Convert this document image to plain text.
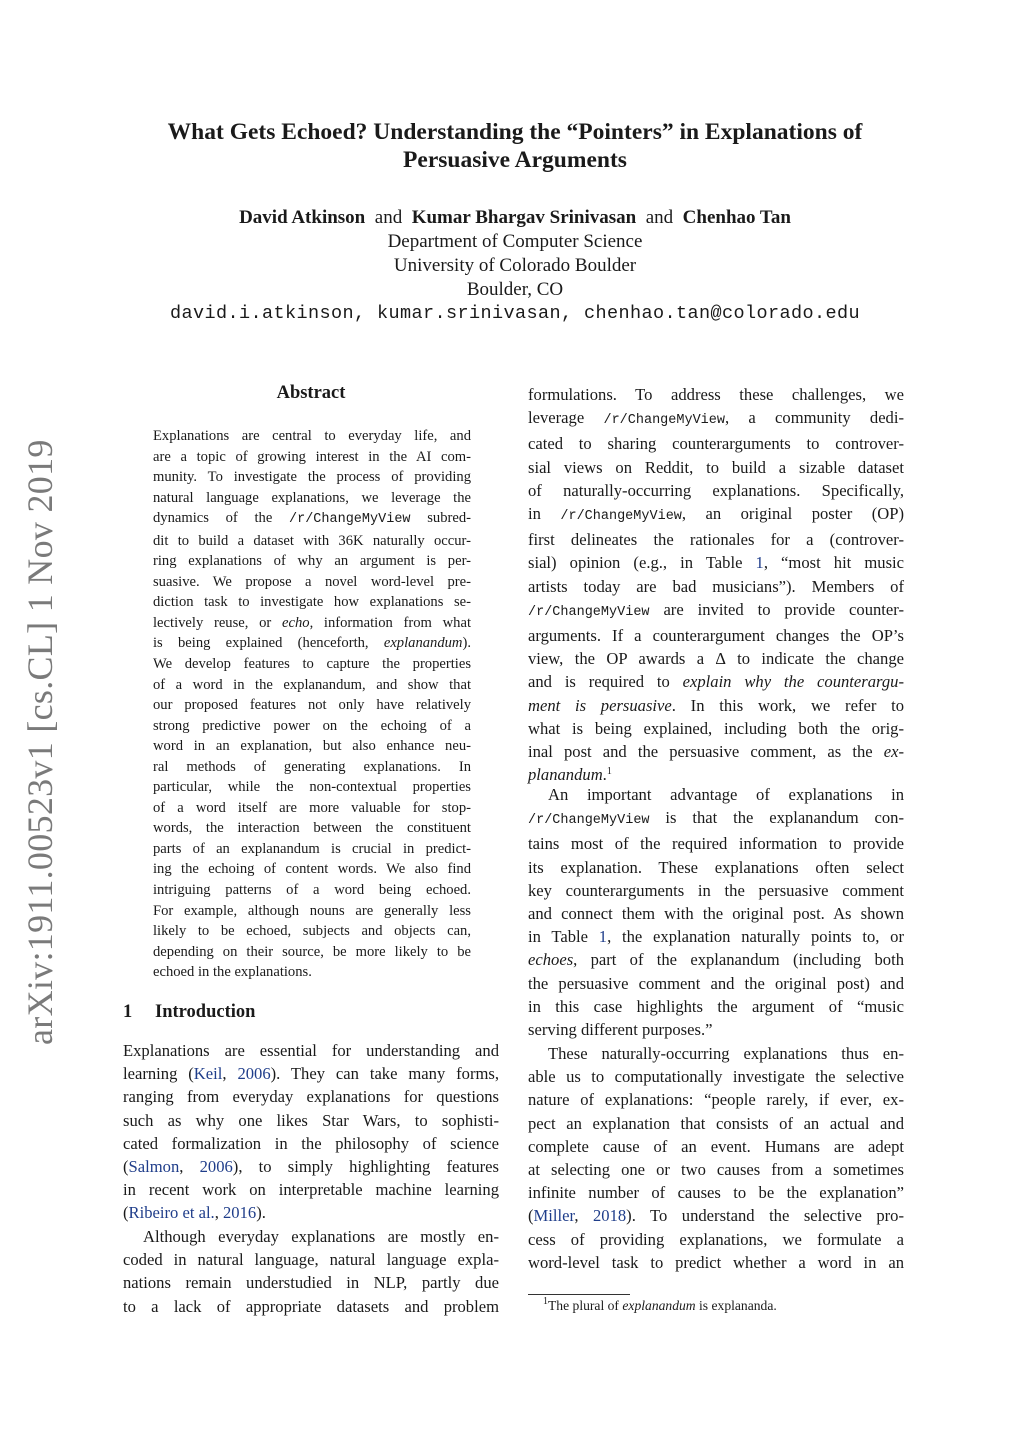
What Gets Echoed? Understanding the “Pointers” in Explanations of
Persuasive Arguments
David Atkinson and Kumar Bhargav Srinivasan and Chenhao Tan
Department of Computer Science
University of Colorado Boulder
Boulder, CO
david.i.atkinson, kumar.srinivasan, chenhao.tan@colorado.edu
arXiv:1911.00523v1 [cs.CL] 1 Nov 2019
Abstract
Explanations are central to everyday life, and
are a topic of growing interest in the AI com-
munity. To investigate the process of providing
natural language explanations, we leverage the
dynamics of the /r/ChangeMyView subred-
dit to build a dataset with 36K naturally occur-
ring explanations of why an argument is per-
suasive. We propose a novel word-level pre-
diction task to investigate how explanations se-
lectively reuse, or echo, information from what
is being explained (henceforth, explanandum).
We develop features to capture the properties
of a word in the explanandum, and show that
our proposed features not only have relatively
strong predictive power on the echoing of a
word in an explanation, but also enhance neu-
ral methods of generating explanations. In
particular, while the non-contextual properties
of a word itself are more valuable for stop-
words, the interaction between the constituent
parts of an explanandum is crucial in predict-
ing the echoing of content words. We also find
intriguing patterns of a word being echoed.
For example, although nouns are generally less
likely to be echoed, subjects and objects can,
depending on their source, be more likely to be
echoed in the explanations.
1 Introduction
Explanations are essential for understanding and
learning (Keil, 2006). They can take many forms,
ranging from everyday explanations for questions
such as why one likes Star Wars, to sophisti-
cated formalization in the philosophy of science
(Salmon, 2006), to simply highlighting features
in recent work on interpretable machine learning
(Ribeiro et al., 2016).
Although everyday explanations are mostly en-
coded in natural language, natural language expla-
nations remain understudied in NLP, partly due
to a lack of appropriate datasets and problem
formulations. To address these challenges, we
leverage /r/ChangeMyView, a community dedi-
cated to sharing counterarguments to controver-
sial views on Reddit, to build a sizable dataset
of naturally-occurring explanations. Specifically,
in /r/ChangeMyView, an original poster (OP)
first delineates the rationales for a (controver-
sial) opinion (e.g., in Table 1, “most hit music
artists today are bad musicians”). Members of
/r/ChangeMyView are invited to provide counter-
arguments. If a counterargument changes the OP’s
view, the OP awards a ∆ to indicate the change
and is required to explain why the counterargu-
ment is persuasive. In this work, we refer to
what is being explained, including both the orig-
inal post and the persuasive comment, as the ex-
planandum.$^1$
An important advantage of explanations in
/r/ChangeMyView is that the explanandum con-
tains most of the required information to provide
its explanation. These explanations often select
key counterarguments in the persuasive comment
and connect them with the original post. As shown
in Table 1, the explanation naturally points to, or
echoes, part of the explanandum (including both
the persuasive comment and the original post) and
in this case highlights the argument of “music
serving different purposes.”
These naturally-occurring explanations thus en-
able us to computationally investigate the selective
nature of explanations: “people rarely, if ever, ex-
pect an explanation that consists of an actual and
complete cause of an event. Humans are adept
at selecting one or two causes from a sometimes
infinite number of causes to be the explanation”
(Miller, 2018). To understand the selective pro-
cess of providing explanations, we formulate a
word-level task to predict whether a word in an
$^1$The plural of explanandum is explananda.
